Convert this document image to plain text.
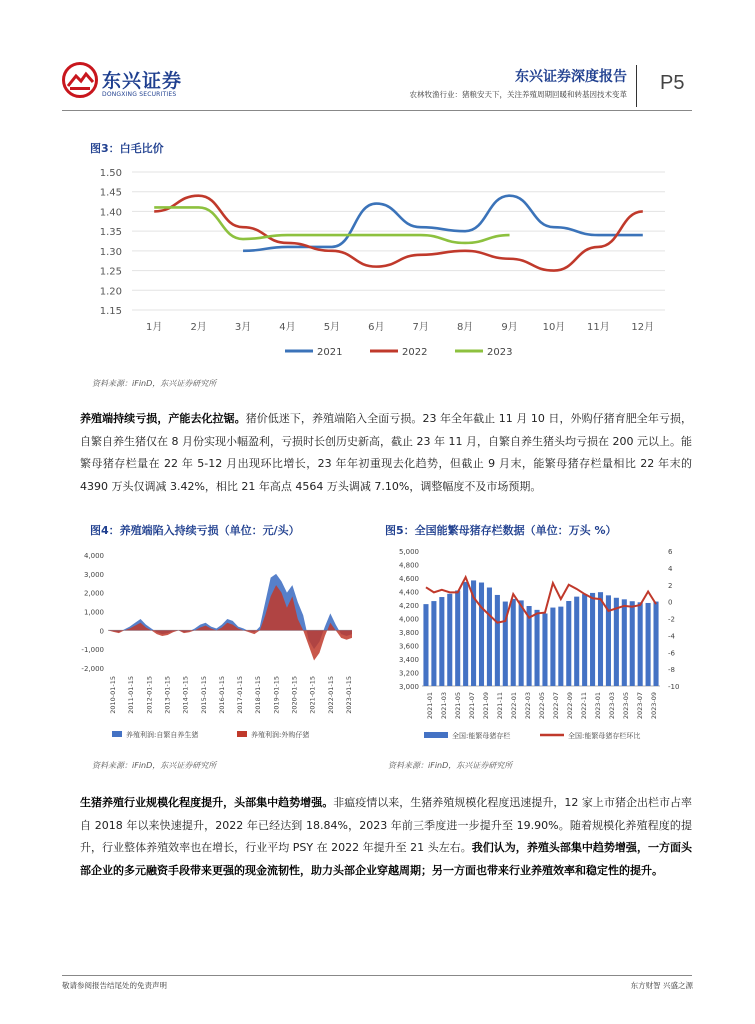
东兴证券
DONGXING SECURITIES
东兴证券深度报告
农林牧渔行业：猪粮安天下，关注养殖周期回暖和转基因技术变革
P5
图3：白毛比价
1.15
1.20
1.25
1.30
1.35
1.40
1.45
1.50
1月	2月	3月	4月	5月	6月	7月	8月	9月 10月 11月 12月
2021	2022	2023
资料来源：iFinD，东兴证券研究所
养殖端持续亏损，产能去化拉锯。猪价低迷下，养殖端陷入全面亏损。23 年全年截止 11 月 10 日，外购仔猪育肥全年亏损，自繁自养生猪仅在 8 月份实现小幅盈利，亏损时长创历史新高，截止 23 年 11 月，自繁自养生猪头均亏损在 200 元以上。能繁母猪存栏量在 22 年 5-12 月出现环比增长，23 年年初重现去化趋势，但截止 9 月末，能繁母猪存栏量相比 22 年末的 4390 万头仅调减 3.42%，相比 21 年高点 4564 万头调减 7.10%，调整幅度不及市场预期。
图4：养殖端陷入持续亏损（单位：元/头）
-2,000
-1,000
0
1,000
2,000
3,000
4,000
2010-01-15 2011-01-15 2012-01-15 2013-01-15 2014-01-15 2015-01-15 2016-01-15 2017-01-15 2018-01-15 2019-01-15 2020-01-15 2021-01-15 2022-01-15 2023-01-15
养殖利润:自繁自养生猪	养殖利润:外购仔猪
资料来源：iFinD，东兴证券研究所
图5：全国能繁母猪存栏数据（单位：万头 %）
3,000
3,200
3,400
3,600
3,800
4,000
4,200
4,400
4,600
4,800
5,000
-10
-8
-6
-4
-2
0
2
4
6
2021-01 2021-03 2021-05 2021-07 2021-09 2021-11 2022-01 2022-03 2022-05 2022-07 2022-09 2022-11 2023-01 2023-03 2023-05 2023-07 2023-09
全国:能繁母猪存栏	全国:能繁母猪存栏环比
资料来源：iFinD，东兴证券研究所
生猪养殖行业规模化程度提升，头部集中趋势增强。非瘟疫情以来，生猪养殖规模化程度迅速提升，12 家上市猪企出栏市占率自 2018 年以来快速提升，2022 年已经达到 18.84%，2023 年前三季度进一步提升至 19.90%。随着规模化养殖程度的提升，行业整体养殖效率也在增长，行业平均 PSY 在 2022 年提升至 21 头左右。我们认为，养殖头部集中趋势增强，一方面头部企业的多元融资手段带来更强的现金流韧性，助力头部企业穿越周期；另一方面也带来行业养殖效率和稳定性的提升。
敬请参阅报告结尾处的免责声明	东方财智 兴盛之源
